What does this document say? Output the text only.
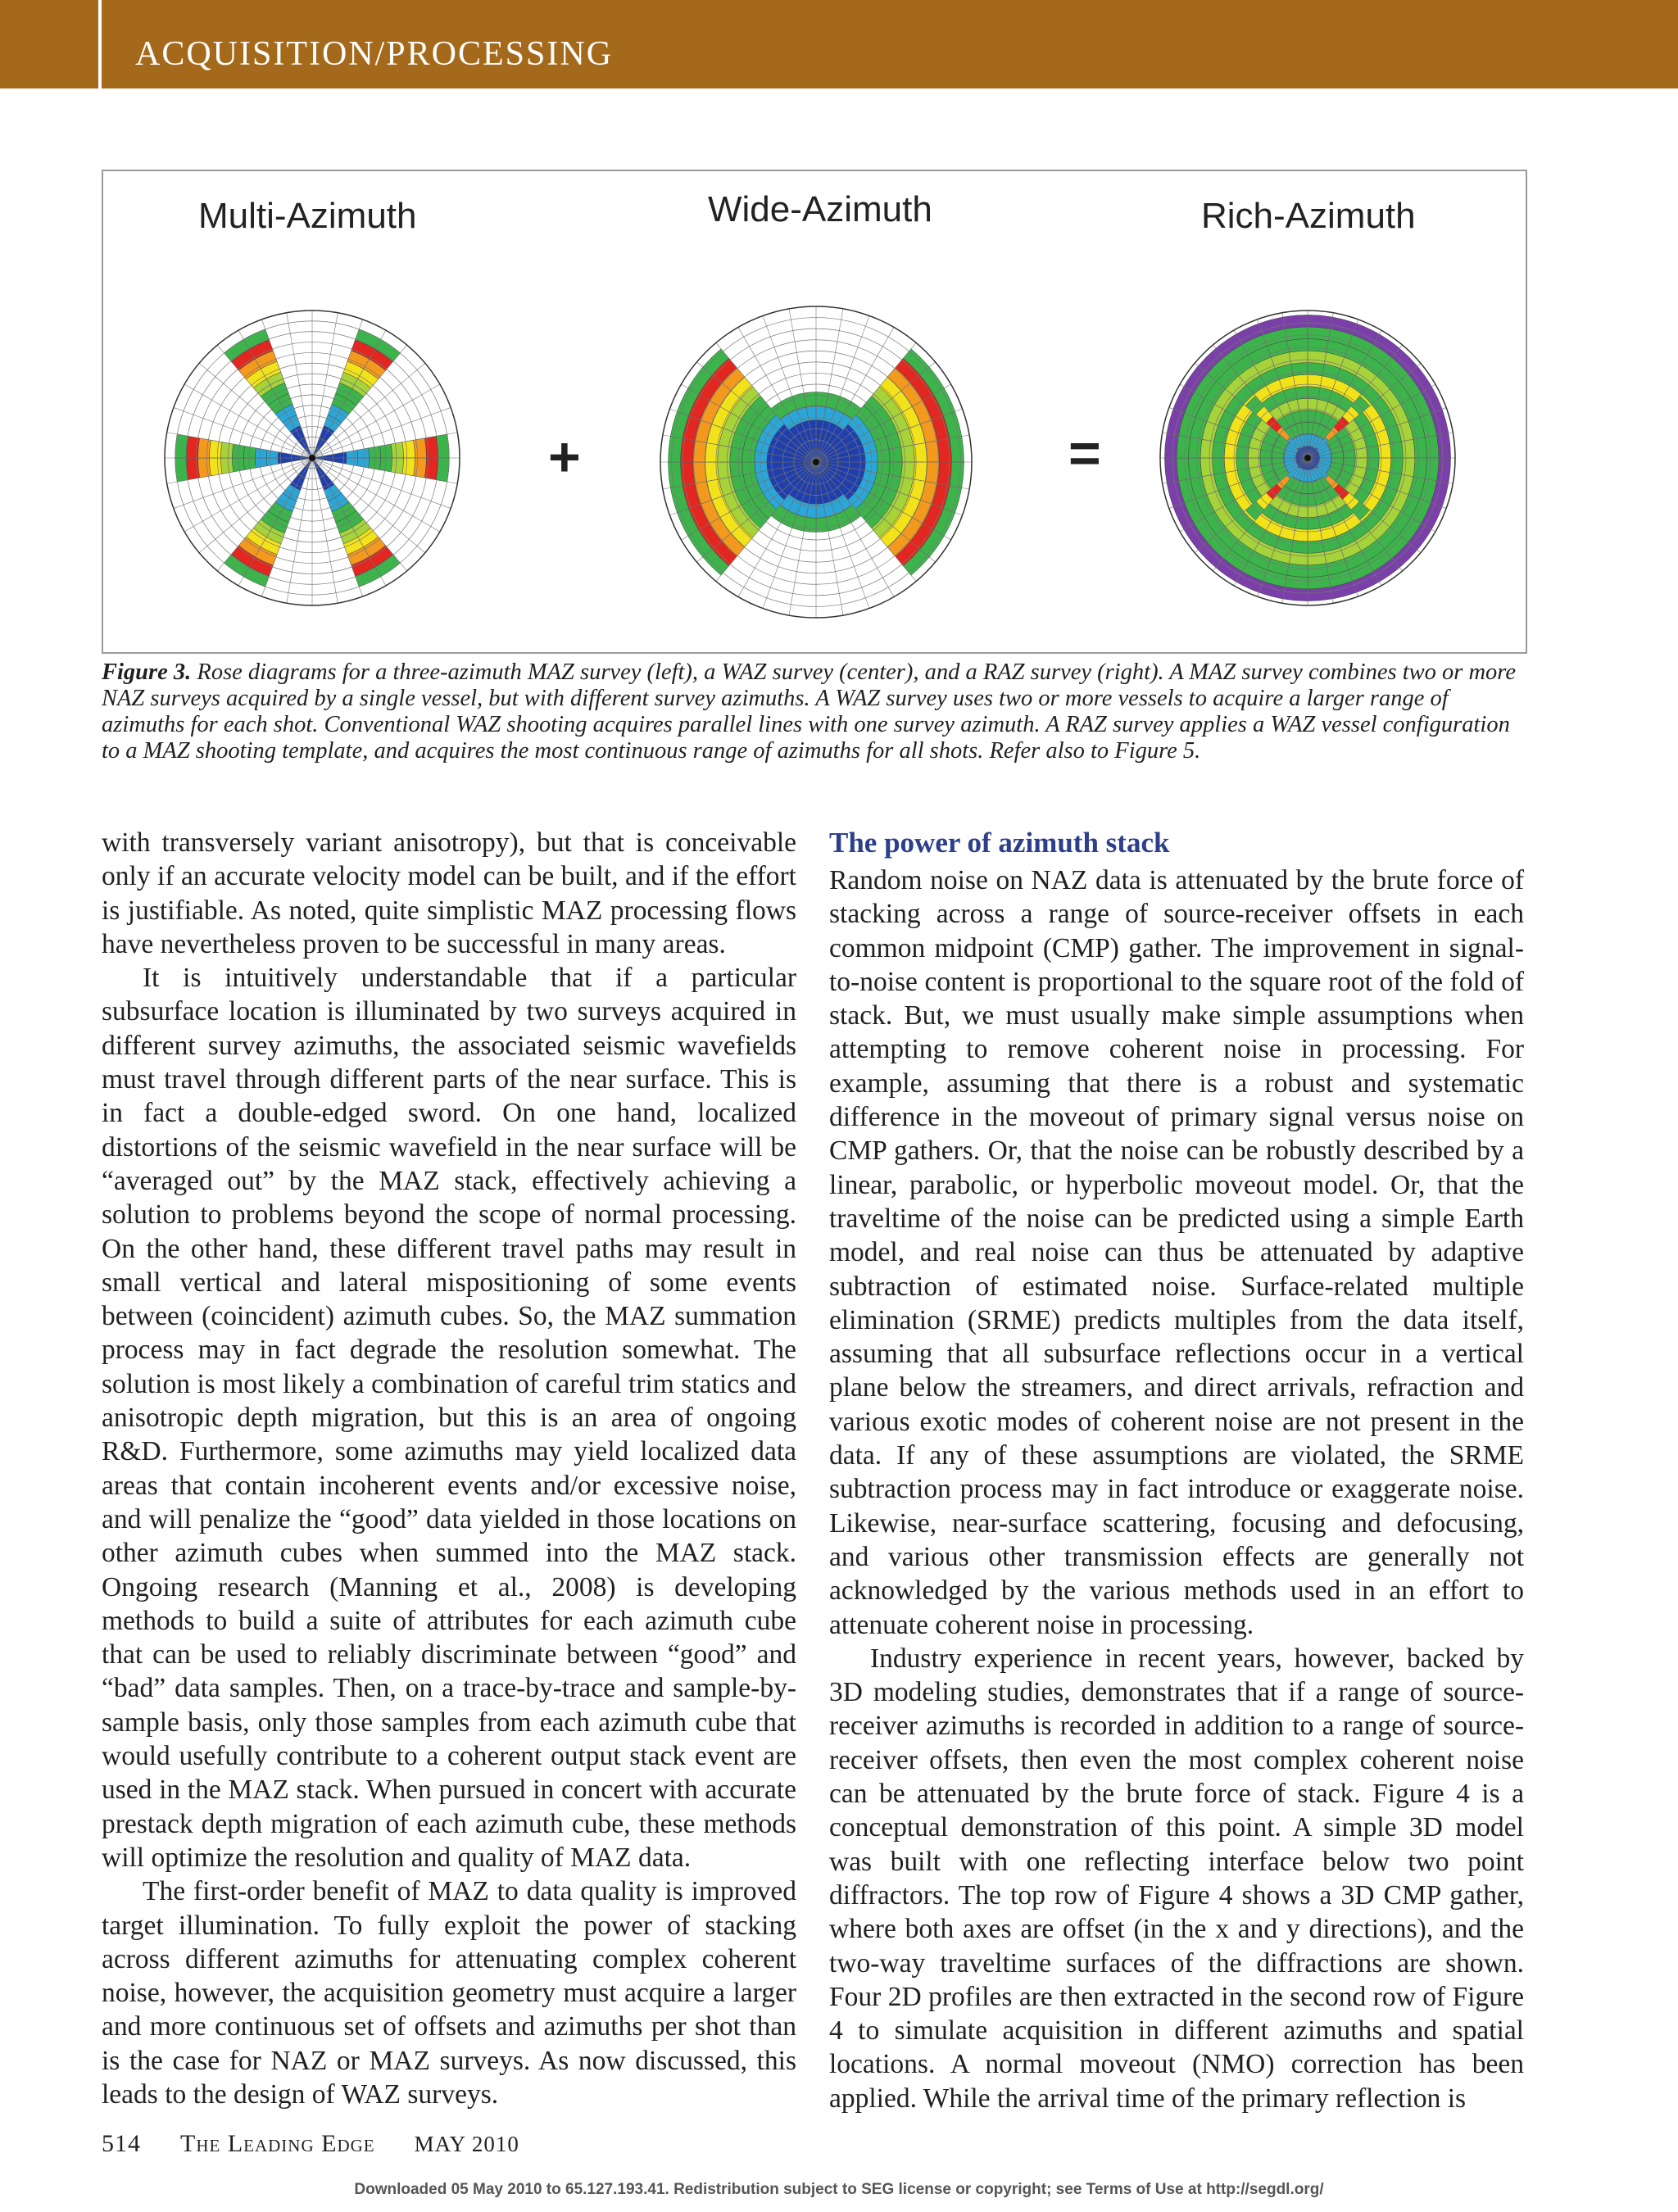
ACQUISITION/PROCESSING
Multi-Azimuth	Wide-Azimuth	Rich-Azimuth
+	=
Figure 3. Rose diagrams for a three-azimuth MAZ survey (left), a WAZ survey (center), and a RAZ survey (right). A MAZ survey combines two or more NAZ surveys acquired by a single vessel, but with different survey azimuths. A WAZ survey uses two or more vessels to acquire a larger range of azimuths for each shot. Conventional WAZ shooting acquires parallel lines with one survey azimuth. A RAZ survey applies a WAZ vessel configuration to a MAZ shooting template, and acquires the most continuous range of azimuths for all shots. Refer also to Figure 5.

with transversely variant anisotropy), but that is conceivable only if an accurate velocity model can be built, and if the effort is justifiable. As noted, quite simplistic MAZ processing flows have nevertheless proven to be successful in many areas.

It is intuitively understandable that if a particular subsurface location is illuminated by two surveys acquired in different survey azimuths, the associated seismic wavefields must travel through different parts of the near surface. This is in fact a double-edged sword. On one hand, localized distortions of the seismic wavefield in the near surface will be “averaged out” by the MAZ stack, effectively achieving a solution to problems beyond the scope of normal processing. On the other hand, these different travel paths may result in small vertical and lateral mispositioning of some events between (coincident) azimuth cubes. So, the MAZ summation process may in fact degrade the resolution somewhat. The solution is most likely a combination of careful trim statics and anisotropic depth migration, but this is an area of ongoing R&D. Furthermore, some azimuths may yield localized data areas that contain incoherent events and/or excessive noise, and will penalize the “good” data yielded in those locations on other azimuth cubes when summed into the MAZ stack. Ongoing research (Manning et al., 2008) is developing methods to build a suite of attributes for each azimuth cube that can be used to reliably discriminate between “good” and “bad” data samples. Then, on a trace-by-trace and sample-by-sample basis, only those samples from each azimuth cube that would usefully contribute to a coherent output stack event are used in the MAZ stack. When pursued in concert with accurate prestack depth migration of each azimuth cube, these methods will optimize the resolution and quality of MAZ data.

The first-order benefit of MAZ to data quality is improved target illumination. To fully exploit the power of stacking across different azimuths for attenuating complex coherent noise, however, the acquisition geometry must acquire a larger and more continuous set of offsets and azimuths per shot than is the case for NAZ or MAZ surveys. As now discussed, this leads to the design of WAZ surveys.

The power of azimuth stack

Random noise on NAZ data is attenuated by the brute force of stacking across a range of source-receiver offsets in each common midpoint (CMP) gather. The improvement in signal-to-noise content is proportional to the square root of the fold of stack. But, we must usually make simple assumptions when attempting to remove coherent noise in processing. For example, assuming that there is a robust and systematic difference in the moveout of primary signal versus noise on CMP gathers. Or, that the noise can be robustly described by a linear, parabolic, or hyperbolic moveout model. Or, that the traveltime of the noise can be predicted using a simple Earth model, and real noise can thus be attenuated by adaptive subtraction of estimated noise. Surface-related multiple elimination (SRME) predicts multiples from the data itself, assuming that all subsurface reflections occur in a vertical plane below the streamers, and direct arrivals, refraction and various exotic modes of coherent noise are not present in the data. If any of these assumptions are violated, the SRME subtraction process may in fact introduce or exaggerate noise. Likewise, near-surface scattering, focusing and defocusing, and various other transmission effects are generally not acknowledged by the various methods used in an effort to attenuate coherent noise in processing.

Industry experience in recent years, however, backed by 3D modeling studies, demonstrates that if a range of source-receiver azimuths is recorded in addition to a range of source-receiver offsets, then even the most complex coherent noise can be attenuated by the brute force of stack. Figure 4 is a conceptual demonstration of this point. A simple 3D model was built with one reflecting interface below two point diffractors. The top row of Figure 4 shows a 3D CMP gather, where both axes are offset (in the x and y directions), and the two-way traveltime surfaces of the diffractions are shown. Four 2D profiles are then extracted in the second row of Figure 4 to simulate acquisition in different azimuths and spatial locations. A normal moveout (NMO) correction has been applied. While the arrival time of the primary reflection is

514 The Leading Edge MAY 2010
Downloaded 05 May 2010 to 65.127.193.41. Redistribution subject to SEG license or copyright; see Terms of Use at http://segdl.org/
